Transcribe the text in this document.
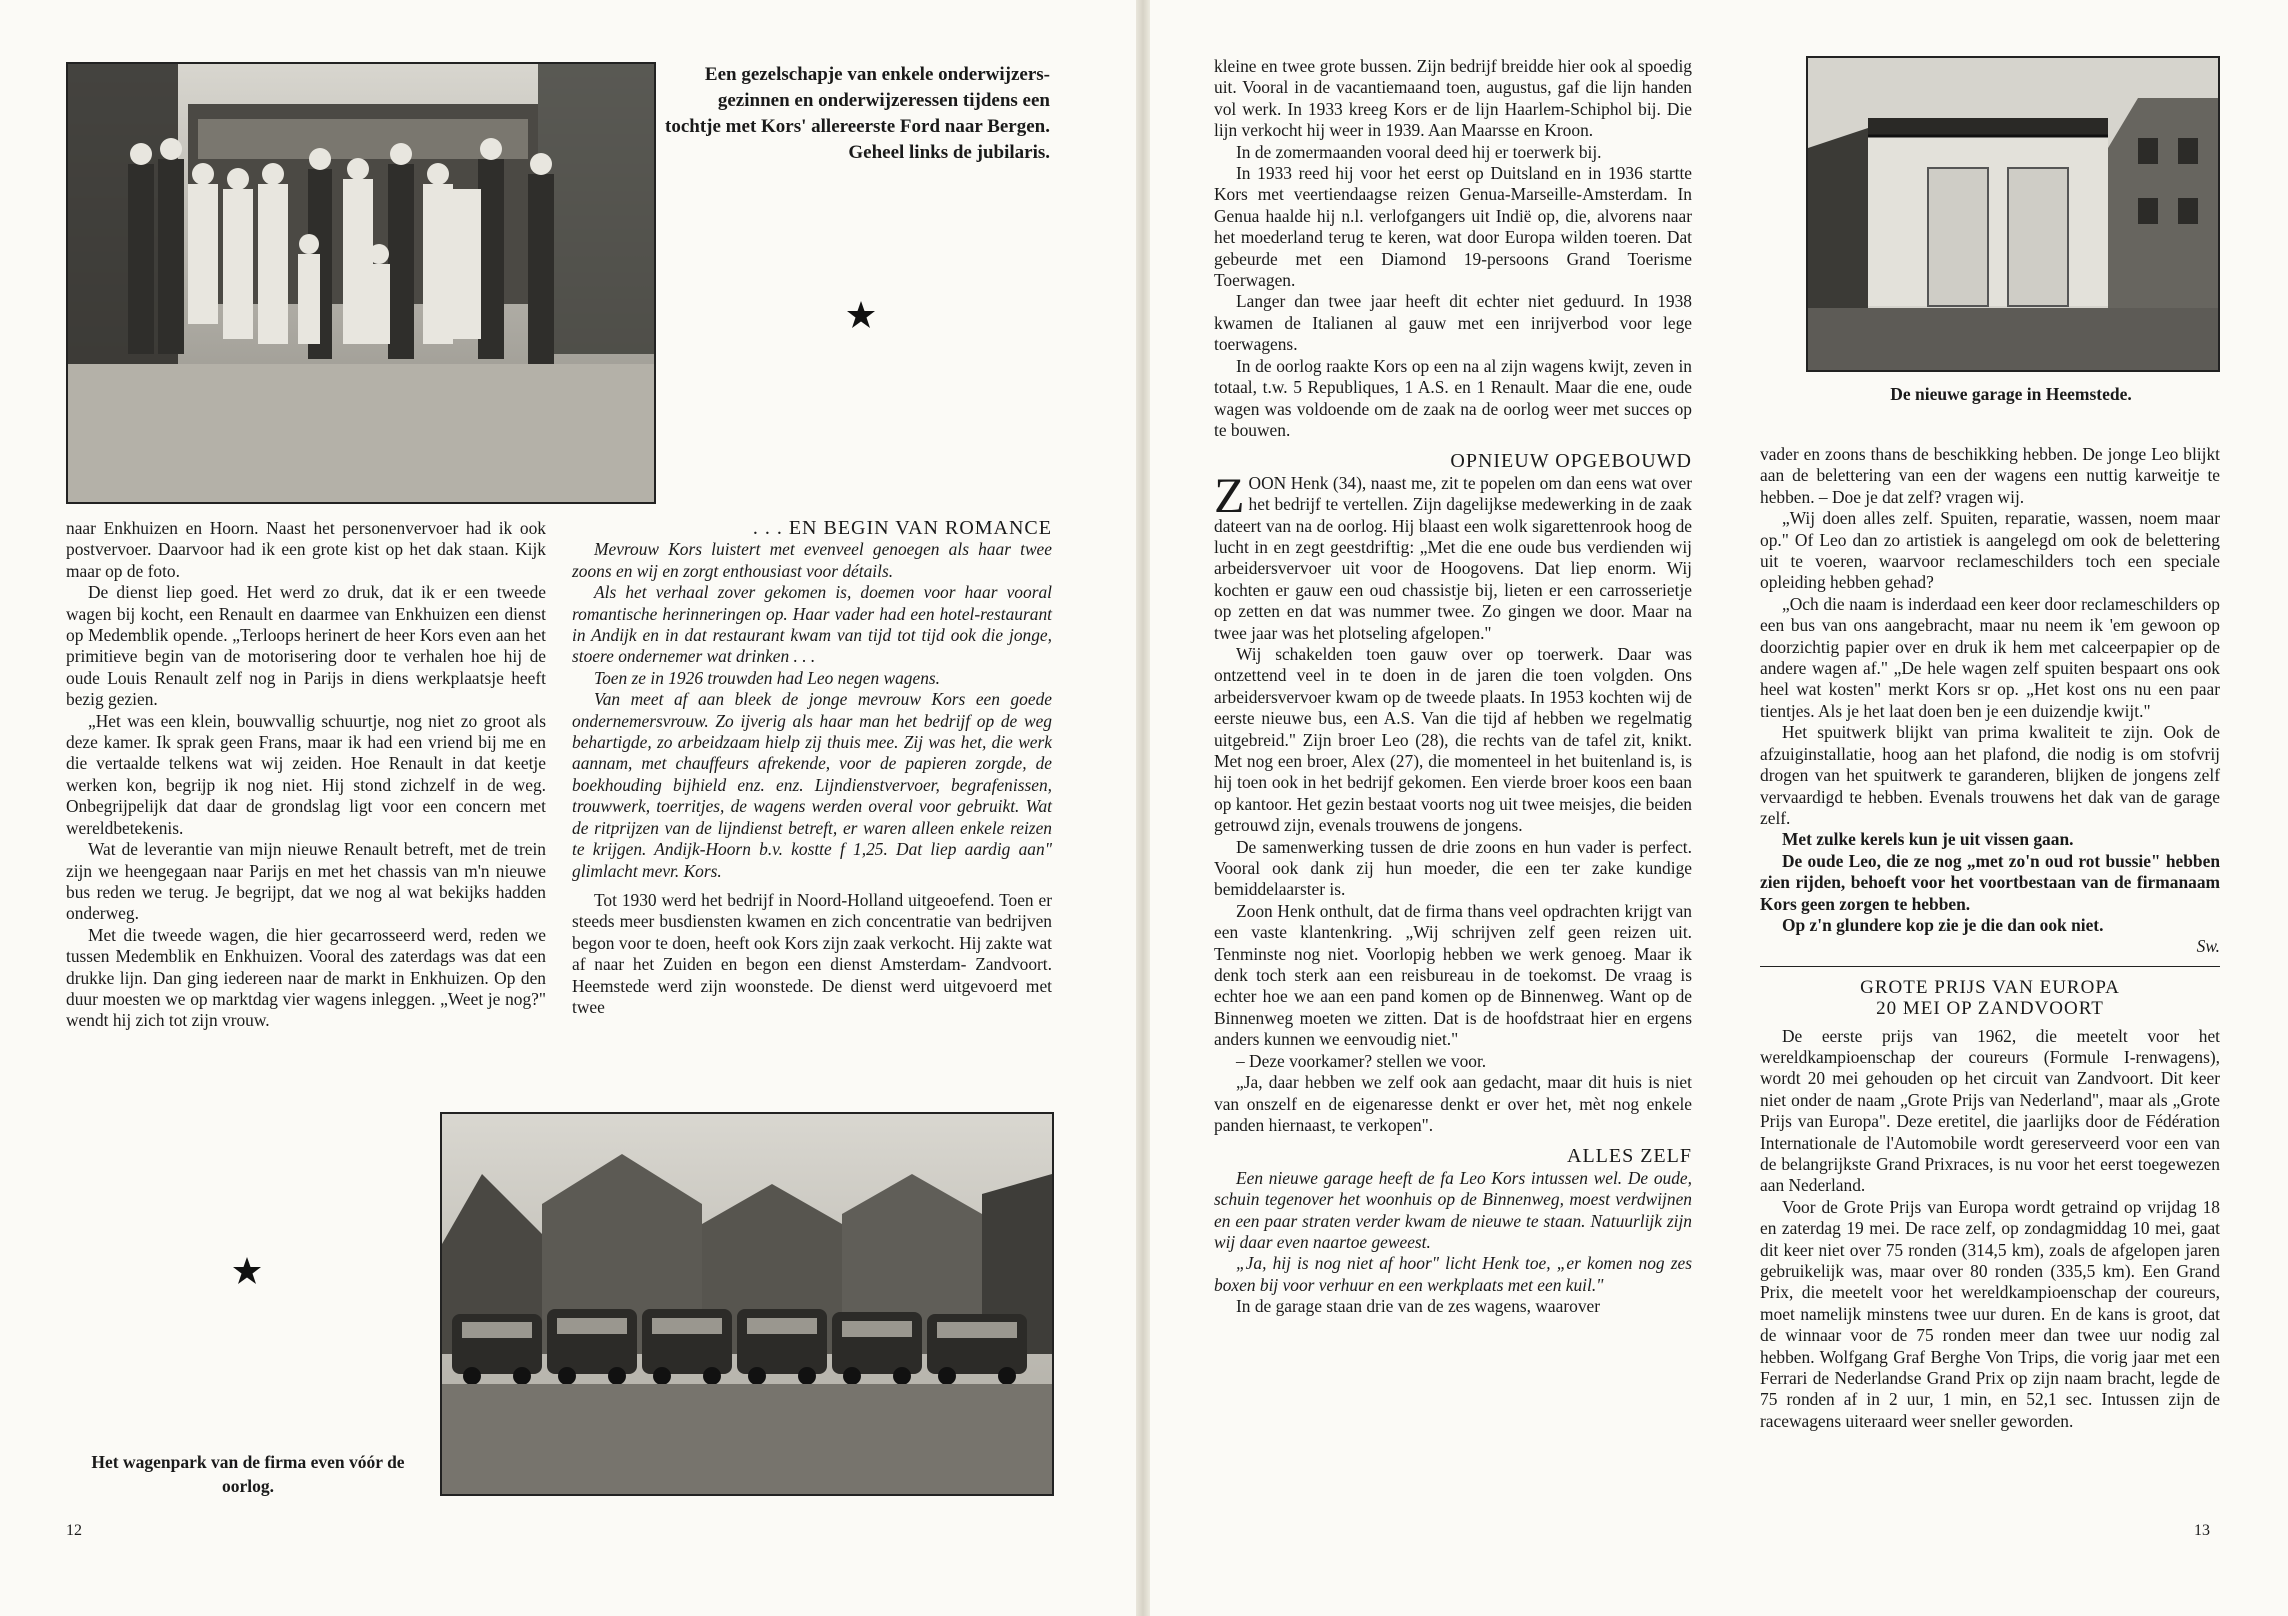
Een gezelschapje van enkele onderwijzers-gezinnen en onderwijzeressen tijdens een tochtje met Kors' allereerste Ford naar Bergen. Geheel links de jubilaris.

naar Enkhuizen en Hoorn. Naast het personenvervoer had ik ook postvervoer. Daarvoor had ik een grote kist op het dak staan. Kijk maar op de foto.

De dienst liep goed. Het werd zo druk, dat ik er een tweede wagen bij kocht, een Renault en daarmee van Enkhuizen een dienst op Medemblik opende. „Terloops herinert de heer Kors even aan het primitieve begin van de motorisering door te verhalen hoe hij de oude Louis Renault zelf nog in Parijs in diens werkplaatsje heeft bezig gezien.

„Het was een klein, bouwvallig schuurtje, nog niet zo groot als deze kamer. Ik sprak geen Frans, maar ik had een vriend bij me en die vertaalde telkens wat wij zeiden. Hoe Renault in dat keetje werken kon, begrijp ik nog niet. Hij stond zichzelf in de weg. Onbegrijpelijk dat daar de grondslag ligt voor een concern met wereldbetekenis.

Wat de leverantie van mijn nieuwe Renault betreft, met de trein zijn we heengegaan naar Parijs en met het chassis van m'n nieuwe bus reden we terug. Je begrijpt, dat we nog al wat bekijks hadden onderweg.

Met die tweede wagen, die hier gecarrosseerd werd, reden we tussen Medemblik en Enkhuizen. Vooral des zaterdags was dat een drukke lijn. Dan ging iedereen naar de markt in Enkhuizen. Op den duur moesten we op marktdag vier wagens inleggen. „Weet je nog?" wendt hij zich tot zijn vrouw.

. . . EN BEGIN VAN ROMANCE

Mevrouw Kors luistert met evenveel genoegen als haar twee zoons en wij en zorgt enthousiast voor détails.

Als het verhaal zover gekomen is, doemen voor haar vooral romantische herinneringen op. Haar vader had een hotel-restaurant in Andijk en in dat restaurant kwam van tijd tot tijd ook die jonge, stoere ondernemer wat drinken . . .

Toen ze in 1926 trouwden had Leo negen wagens.

Van meet af aan bleek de jonge mevrouw Kors een goede ondernemersvrouw. Zo ijverig als haar man het bedrijf op de weg behartigde, zo arbeidzaam hielp zij thuis mee. Zij was het, die werk aannam, met chauffeurs afrekende, voor de papieren zorgde, de boekhouding bijhield enz. enz. Lijndienstvervoer, begrafenissen, trouwwerk, toerritjes, de wagens werden overal voor gebruikt. Wat de ritprijzen van de lijndienst betreft, er waren alleen enkele reizen te krijgen. Andijk-Hoorn b.v. kostte f 1,25. Dat liep aardig aan" glimlacht mevr. Kors.

Tot 1930 werd het bedrijf in Noord-Holland uitgeoefend. Toen er steeds meer busdiensten kwamen en zich concentratie van bedrijven begon voor te doen, heeft ook Kors zijn zaak verkocht. Hij zakte wat af naar het Zuiden en begon een dienst Amsterdam- Zandvoort. Heemstede werd zijn woonstede. De dienst werd uitgevoerd met twee

Het wagenpark van de firma even vóór de oorlog.
12

kleine en twee grote bussen. Zijn bedrijf breidde hier ook al spoedig uit. Vooral in de vacantiemaand toen, augustus, gaf die lijn handen vol werk. In 1933 kreeg Kors er de lijn Haarlem-Schiphol bij. Die lijn verkocht hij weer in 1939. Aan Maarsse en Kroon.

In de zomermaanden vooral deed hij er toerwerk bij.

In 1933 reed hij voor het eerst op Duitsland en in 1936 startte Kors met veertiendaagse reizen Genua-Marseille-Amsterdam. In Genua haalde hij n.l. verlofgangers uit Indië op, die, alvorens naar het moederland terug te keren, wat door Europa wilden toeren. Dat gebeurde met een Diamond 19-persoons Grand Toerisme Toerwagen.

Langer dan twee jaar heeft dit echter niet geduurd. In 1938 kwamen de Italianen al gauw met een inrijverbod voor lege toerwagens.

In de oorlog raakte Kors op een na al zijn wagens kwijt, zeven in totaal, t.w. 5 Republiques, 1 A.S. en 1 Renault. Maar die ene, oude wagen was voldoende om de zaak na de oorlog weer met succes op te bouwen.

OPNIEUW OPGEBOUWD

ZOON Henk (34), naast me, zit te popelen om dan eens wat over het bedrijf te vertellen. Zijn dagelijkse medewerking in de zaak dateert van na de oorlog. Hij blaast een wolk sigarettenrook hoog de lucht in en zegt geestdriftig: „Met die ene oude bus verdienden wij arbeidersvervoer uit voor de Hoogovens. Dat liep enorm. Wij kochten er gauw een oud chassistje bij, lieten er een carrosserietje op zetten en dat was nummer twee. Zo gingen we door. Maar na twee jaar was het plotseling afgelopen."

Wij schakelden toen gauw over op toerwerk. Daar was ontzettend veel in te doen in de jaren die toen volgden. Ons arbeidersvervoer kwam op de tweede plaats. In 1953 kochten wij de eerste nieuwe bus, een A.S. Van die tijd af hebben we regelmatig uitgebreid." Zijn broer Leo (28), die rechts van de tafel zit, knikt. Met nog een broer, Alex (27), die momenteel in het buitenland is, is hij toen ook in het bedrijf gekomen. Een vierde broer koos een baan op kantoor. Het gezin bestaat voorts nog uit twee meisjes, die beiden getrouwd zijn, evenals trouwens de jongens.

De samenwerking tussen de drie zoons en hun vader is perfect. Vooral ook dank zij hun moeder, die een ter zake kundige bemiddelaarster is.

Zoon Henk onthult, dat de firma thans veel opdrachten krijgt van een vaste klantenkring. „Wij schrijven zelf geen reizen uit. Tenminste nog niet. Voorlopig hebben we werk genoeg. Maar ik denk toch sterk aan een reisbureau in de toekomst. De vraag is echter hoe we aan een pand komen op de Binnenweg. Want op de Binnenweg moeten we zitten. Dat is de hoofdstraat hier en ergens anders kunnen we eenvoudig niet."

– Deze voorkamer? stellen we voor.

„Ja, daar hebben we zelf ook aan gedacht, maar dit huis is niet van onszelf en de eigenaresse denkt er over het, mèt nog enkele panden hiernaast, te verkopen".

ALLES ZELF

Een nieuwe garage heeft de fa Leo Kors intussen wel. De oude, schuin tegenover het woonhuis op de Binnenweg, moest verdwijnen en een paar straten verder kwam de nieuwe te staan. Natuurlijk zijn wij daar even naartoe geweest.

„Ja, hij is nog niet af hoor" licht Henk toe, „er komen nog zes boxen bij voor verhuur en een werkplaats met een kuil."

In de garage staan drie van de zes wagens, waarover

De nieuwe garage in Heemstede.

vader en zoons thans de beschikking hebben. De jonge Leo blijkt aan de belettering van een der wagens een nuttig karweitje te hebben. – Doe je dat zelf? vragen wij.

„Wij doen alles zelf. Spuiten, reparatie, wassen, noem maar op." Of Leo dan zo artistiek is aangelegd om ook de belettering uit te voeren, waarvoor reclameschilders toch een speciale opleiding hebben gehad?

„Och die naam is inderdaad een keer door reclameschilders op een bus van ons aangebracht, maar nu neem ik 'em gewoon op doorzichtig papier over en druk ik hem met calceerpapier op de andere wagen af." „De hele wagen zelf spuiten bespaart ons ook heel wat kosten" merkt Kors sr op. „Het kost ons nu een paar tientjes. Als je het laat doen ben je een duizendje kwijt."

Het spuitwerk blijkt van prima kwaliteit te zijn. Ook de afzuiginstallatie, hoog aan het plafond, die nodig is om stofvrij drogen van het spuitwerk te garanderen, blijken de jongens zelf vervaardigd te hebben. Evenals trouwens het dak van de garage zelf.

Met zulke kerels kun je uit vissen gaan.

De oude Leo, die ze nog „met zo'n oud rot bussie" hebben zien rijden, behoeft voor het voortbestaan van de firmanaam Kors geen zorgen te hebben.

Op z'n glundere kop zie je die dan ook niet.

Sw.

GROTE PRIJS VAN EUROPA

20 MEI OP ZANDVOORT

De eerste prijs van 1962, die meetelt voor het wereldkampioenschap der coureurs (Formule I-renwagens), wordt 20 mei gehouden op het circuit van Zandvoort. Dit keer niet onder de naam „Grote Prijs van Nederland", maar als „Grote Prijs van Europa". Deze eretitel, die jaarlijks door de Fédération Internationale de l'Automobile wordt gereserveerd voor een van de belangrijkste Grand Prixraces, is nu voor het eerst toegewezen aan Nederland.

Voor de Grote Prijs van Europa wordt getraind op vrijdag 18 en zaterdag 19 mei. De race zelf, op zondagmiddag 10 mei, gaat dit keer niet over 75 ronden (314,5 km), zoals de afgelopen jaren gebruikelijk was, maar over 80 ronden (335,5 km). Een Grand Prix, die meetelt voor het wereldkampioenschap der coureurs, moet namelijk minstens twee uur duren. En de kans is groot, dat de winnaar voor de 75 ronden meer dan twee uur nodig zal hebben. Wolfgang Graf Berghe Von Trips, die vorig jaar met een Ferrari de Nederlandse Grand Prix op zijn naam bracht, legde de 75 ronden af in 2 uur, 1 min, en 52,1 sec. Intussen zijn de racewagens uiteraard weer sneller geworden.

13
